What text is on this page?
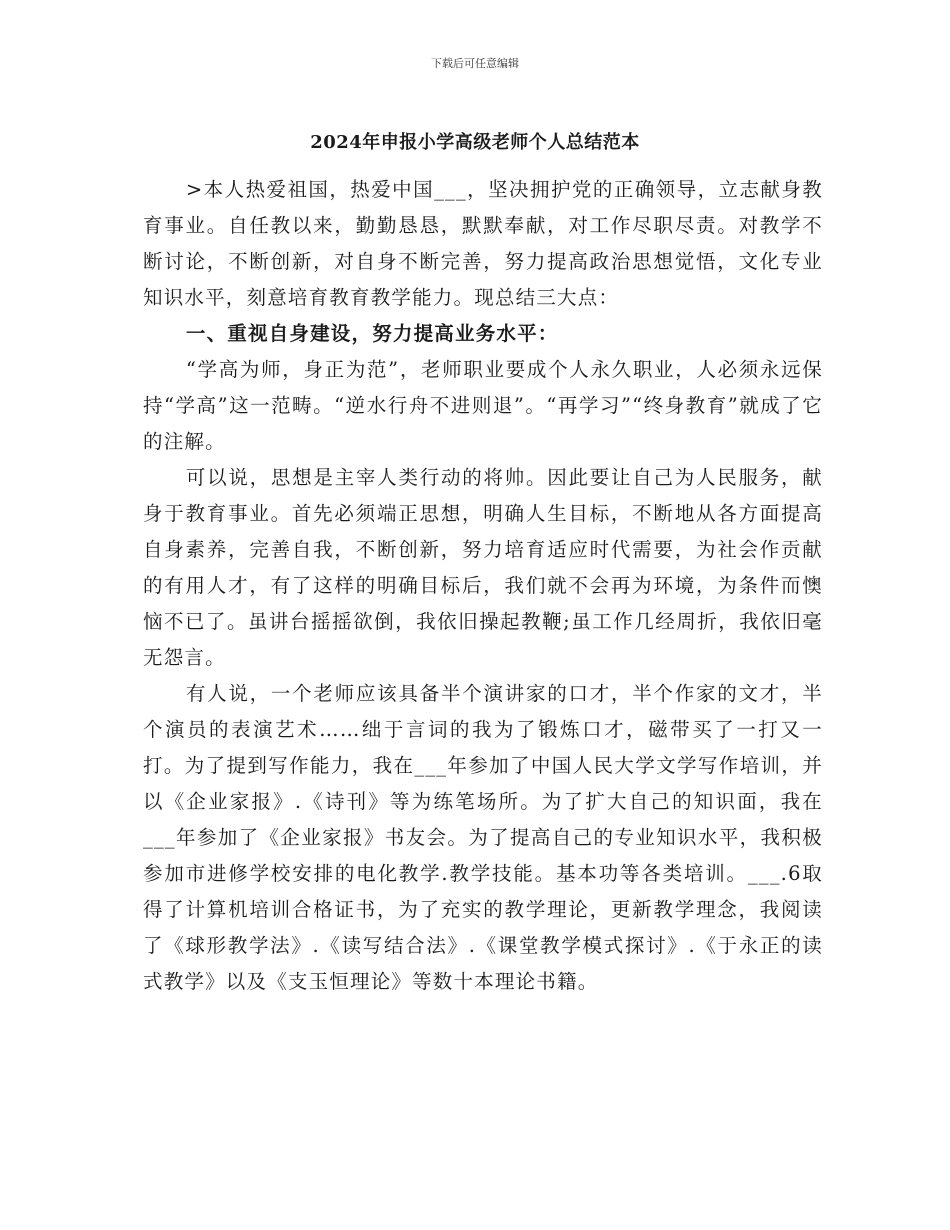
下载后可任意编辑
2024年申报小学高级老师个人总结范本

>本人热爱祖国，热爱中国___，坚决拥护党的正确领导，立志献身教育事业。自任教以来，勤勤恳恳，默默奉献，对工作尽职尽责。对教学不断讨论，不断创新，对自身不断完善，努力提高政治思想觉悟，文化专业知识水平，刻意培育教育教学能力。现总结三大点：

一、重视自身建设，努力提高业务水平：

“学高为师，身正为范”，老师职业要成个人永久职业，人必须永远保持“学高”这一范畴。“逆水行舟不进则退”。“再学习”“终身教育”就成了它的注解。

可以说，思想是主宰人类行动的将帅。因此要让自己为人民服务，献身于教育事业。首先必须端正思想，明确人生目标，不断地从各方面提高自身素养，完善自我，不断创新，努力培育适应时代需要，为社会作贡献的有用人才，有了这样的明确目标后，我们就不会再为环境，为条件而懊恼不已了。虽讲台摇摇欲倒，我依旧操起教鞭;虽工作几经周折，我依旧毫无怨言。

有人说，一个老师应该具备半个演讲家的口才，半个作家的文才，半个演员的表演艺术……绌于言词的我为了锻炼口才，磁带买了一打又一打。为了提到写作能力，我在___年参加了中国人民大学文学写作培训，并以《企业家报》.《诗刊》等为练笔场所。为了扩大自己的知识面，我在___年参加了《企业家报》书友会。为了提高自己的专业知识水平，我积极参加市进修学校安排的电化教学.教学技能。基本功等各类培训。___.6取得了计算机培训合格证书，为了充实的教学理论，更新教学理念，我阅读了《球形教学法》.《读写结合法》.《课堂教学模式探讨》.《于永正的读式教学》以及《支玉恒理论》等数十本理论书籍。
